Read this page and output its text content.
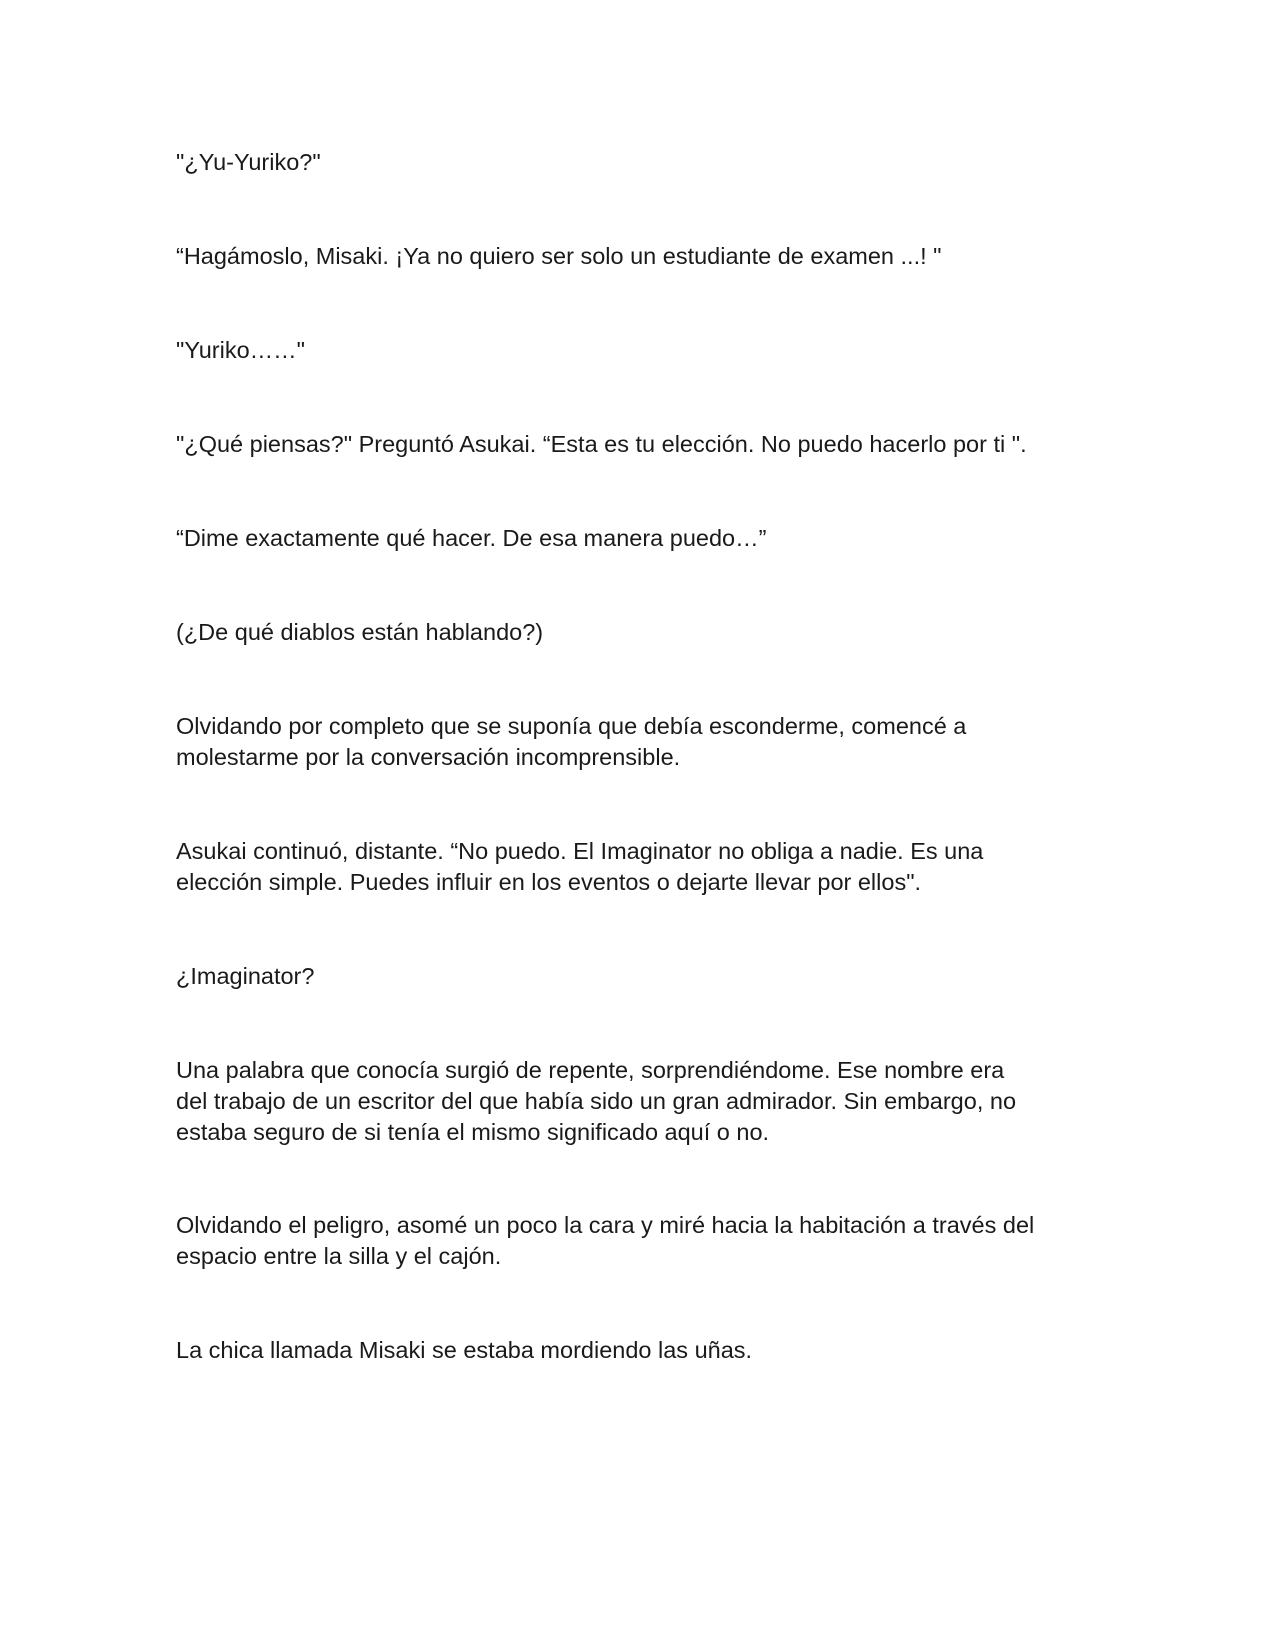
"¿Yu-Yuriko?"

“Hagámoslo, Misaki. ¡Ya no quiero ser solo un estudiante de examen ...! "

"Yuriko……"

"¿Qué piensas?" Preguntó Asukai. “Esta es tu elección. No puedo hacerlo por ti ".

“Dime exactamente qué hacer. De esa manera puedo…”

(¿De qué diablos están hablando?)

Olvidando por completo que se suponía que debía esconderme, comencé a
molestarme por la conversación incomprensible.

Asukai continuó, distante. “No puedo. El Imaginator no obliga a nadie. Es una
elección simple. Puedes influir en los eventos o dejarte llevar por ellos".

¿Imaginator?

Una palabra que conocía surgió de repente, sorprendiéndome. Ese nombre era
del trabajo de un escritor del que había sido un gran admirador. Sin embargo, no
estaba seguro de si tenía el mismo significado aquí o no.

Olvidando el peligro, asomé un poco la cara y miré hacia la habitación a través del
espacio entre la silla y el cajón.

La chica llamada Misaki se estaba mordiendo las uñas.
